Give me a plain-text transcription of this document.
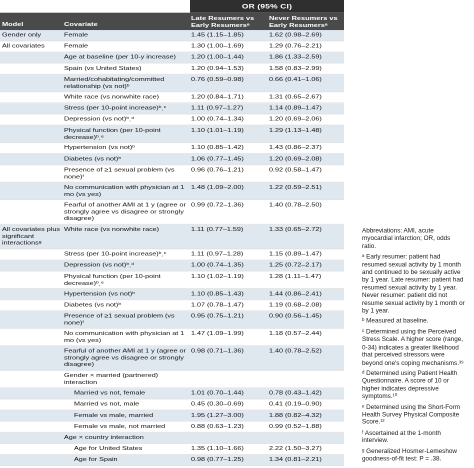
OR (95% CI)
Model	Covariate
Late Resumers vs Early Resumersᵃ
Never Resumers vs Early Resumersᵃ
Gender only	Female	1.45 (1.15–1.85)	1.62 (0.98–2.69)
All covariates	Female	1.30 (1.00–1.69)	1.29 (0.76–2.21)
Age at baseline (per 10-y increase)	1.20 (1.00–1.44)	1.86 (1.33–2.59)
Spain (vs United States)	1.20 (0.94–1.53)	1.58 (0.83–2.99)
Married/cohabitating/committed relationship (vs not)ᵇ
0.76 (0.59–0.98)	0.66 (0.41–1.06)
White race (vs nonwhite race)	1.20 (0.84–1.71)	1.31 (0.65–2.67)
Stress (per 10-point increase)ᵇˎᶜ	1.11 (0.97–1.27)	1.14 (0.89–1.47)
Depression (vs not)ᵇˎᵈ	1.00 (0.74–1.34)	1.20 (0.69–2.06)
Physical function (per 10-point decrease)ᵇˎᵉ
1.10 (1.01–1.19)	1.29 (1.13–1.48)
Hypertension (vs not)ᵇ	1.10 (0.85–1.42)	1.43 (0.86–2.37)
Diabetes (vs not)ᵇ	1.06 (0.77–1.45)	1.20 (0.69–2.08)
Presence of ≥1 sexual problem (vs none)ᶠ
0.96 (0.76–1.21)	0.92 (0.58–1.47)
No communication with physician at 1 mo (vs yes)
1.48 (1.09–2.00)	1.22 (0.59–2.51)
Fearful of another AMI at 1 y (agree or strongly agree vs disagree or strongly disagree)
0.99 (0.72–1.36)	1.40 (0.78–2.50)
All covariates plus significant interactionsᵍ
White race (vs nonwhite race)	1.11 (0.77–1.59)	1.33 (0.65–2.72)
Stress (per 10-point increase)ᵇˎᶜ	1.11 (0.97–1.28)	1.15 (0.89–1.47)
Depression (vs not)ᵇˎᵈ	1.00 (0.74–1.35)	1.25 (0.72–2.17)
Physical function (per 10-point decrease)ᵇˎᵉ
1.10 (1.02–1.19)	1.28 (1.11–1.47)
Hypertension (vs not)ᵇ	1.10 (0.85–1.43)	1.44 (0.86–2.41)
Diabetes (vs not)ᵇ	1.07 (0.78–1.47)	1.19 (0.68–2.08)
Presence of ≥1 sexual problem (vs none)ᶠ
0.95 (0.75–1.21)	0.90 (0.56–1.45)
No communication with physician at 1 mo (vs yes)
1.47 (1.09–1.99)	1.18 (0.57–2.44)
Fearful of another AMI at 1 y (agree or strongly agree vs disagree or strongly disagree)
0.98 (0.71–1.36)	1.40 (0.78–2.52)
Gender × married (partnered) interaction
Married vs not, female	1.01 (0.70–1.44)	0.78 (0.43–1.42)
Married vs not, male	0.45 (0.30–0.69)	0.41 (0.19–0.90)
Female vs male, married	1.95 (1.27–3.00)	1.88 (0.82–4.32)
Female vs male, not married	0.88 (0.63–1.23)	0.99 (0.52–1.88)
Age × country interaction
Age for United States	1.35 (1.10–1.66)	2.22 (1.50–3.27)
Age for Spain	0.98 (0.77–1.25)	1.34 (0.81–2.21)

Abbreviations: AMI, acute myocardial infarction; OR, odds ratio.

ᵃ Early resumer: patient had resumed sexual activity by 1 month and continued to be sexually active by 1 year. Late resumer: patient had resumed sexual activity by 1 year. Never resumer: patient did not resume sexual activity by 1 month or by 1 year.

ᵇ Measured at baseline.

ᶜ Determined using the Perceived Stress Scale. A higher score (range, 0-34) indicates a greater likelihood that perceived stressors were beyond one's coping mechanisms.³⁹

ᵈ Determined using Patient Health Questionnaire. A score of 10 or higher indicates depressive symptoms.¹⁰

ᵉ Determined using the Short-Form Health Survey Physical Composite Score.¹²

ᶠ Ascertained at the 1-month interview.

ᵍ Generalized Hosmer-Lemeshow goodness-of-fit test: P = .38.
